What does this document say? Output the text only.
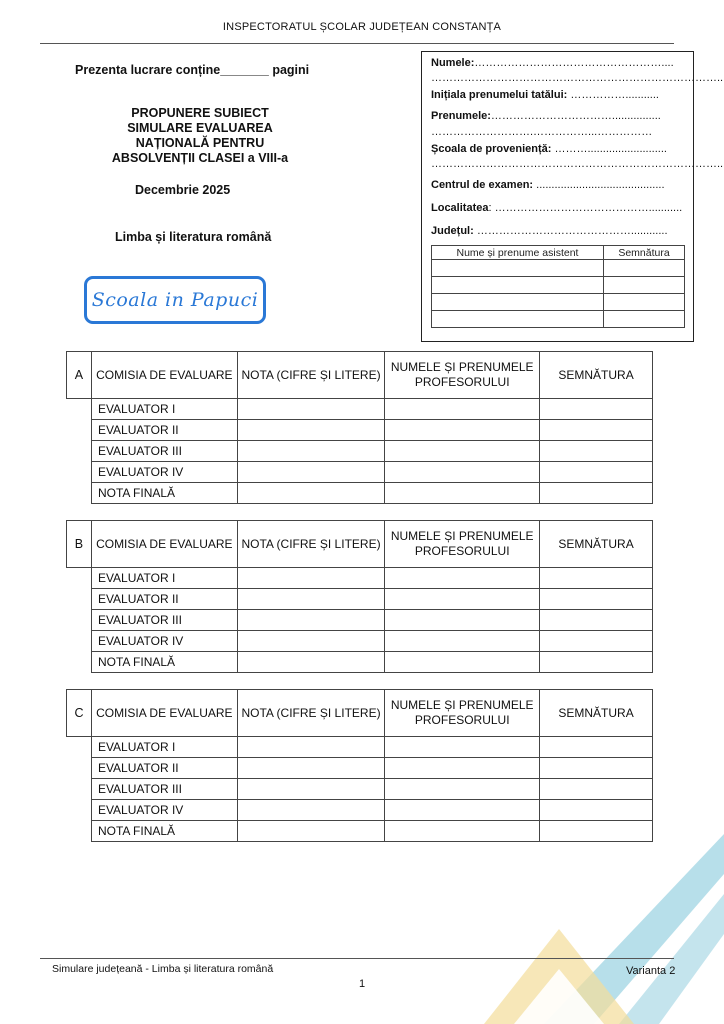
INSPECTORATUL ȘCOLAR JUDEȚEAN CONSTANȚA
Prezenta lucrare conține_______ pagini
PROPUNERE SUBIECT
SIMULARE EVALUAREA
NAȚIONALĂ PENTRU
ABSOLVENȚII CLASEI a VIII-a
Decembrie 2025
Limba și literatura română
Scoala in Papuci
Numele:……………………………………………....
……………………………………………………………………..
Inițiala prenumelui tatălui: ……………...........
Prenumele:……………………………................
……………………….……………...……………
Școala de proveniență: ………..........................
……………………………………………………………………..
Centrul de examen: ..........................................
Localitatea: ……………………………………...........
Județul: ……………………………………............
Nume și prenume asistent	Semnătura

A	COMISIA DE EVALUARE	NOTA (CIFRE ȘI LITERE)	NUMELE ȘI PRENUMELE PROFESORULUI	SEMNĂTURA
	EVALUATOR I			
	EVALUATOR II			
	EVALUATOR III			
	EVALUATOR IV			
	NOTA FINALĂ			
B	COMISIA DE EVALUARE	NOTA (CIFRE ȘI LITERE)	NUMELE ȘI PRENUMELE PROFESORULUI	SEMNĂTURA
	EVALUATOR I			
	EVALUATOR II			
	EVALUATOR III			
	EVALUATOR IV			
	NOTA FINALĂ			
C	COMISIA DE EVALUARE	NOTA (CIFRE ȘI LITERE)	NUMELE ȘI PRENUMELE PROFESORULUI	SEMNĂTURA
	EVALUATOR I			
	EVALUATOR II			
	EVALUATOR III			
	EVALUATOR IV			
	NOTA FINALĂ			
Simulare județeană - Limba și literatura română	Varianta 2
1
